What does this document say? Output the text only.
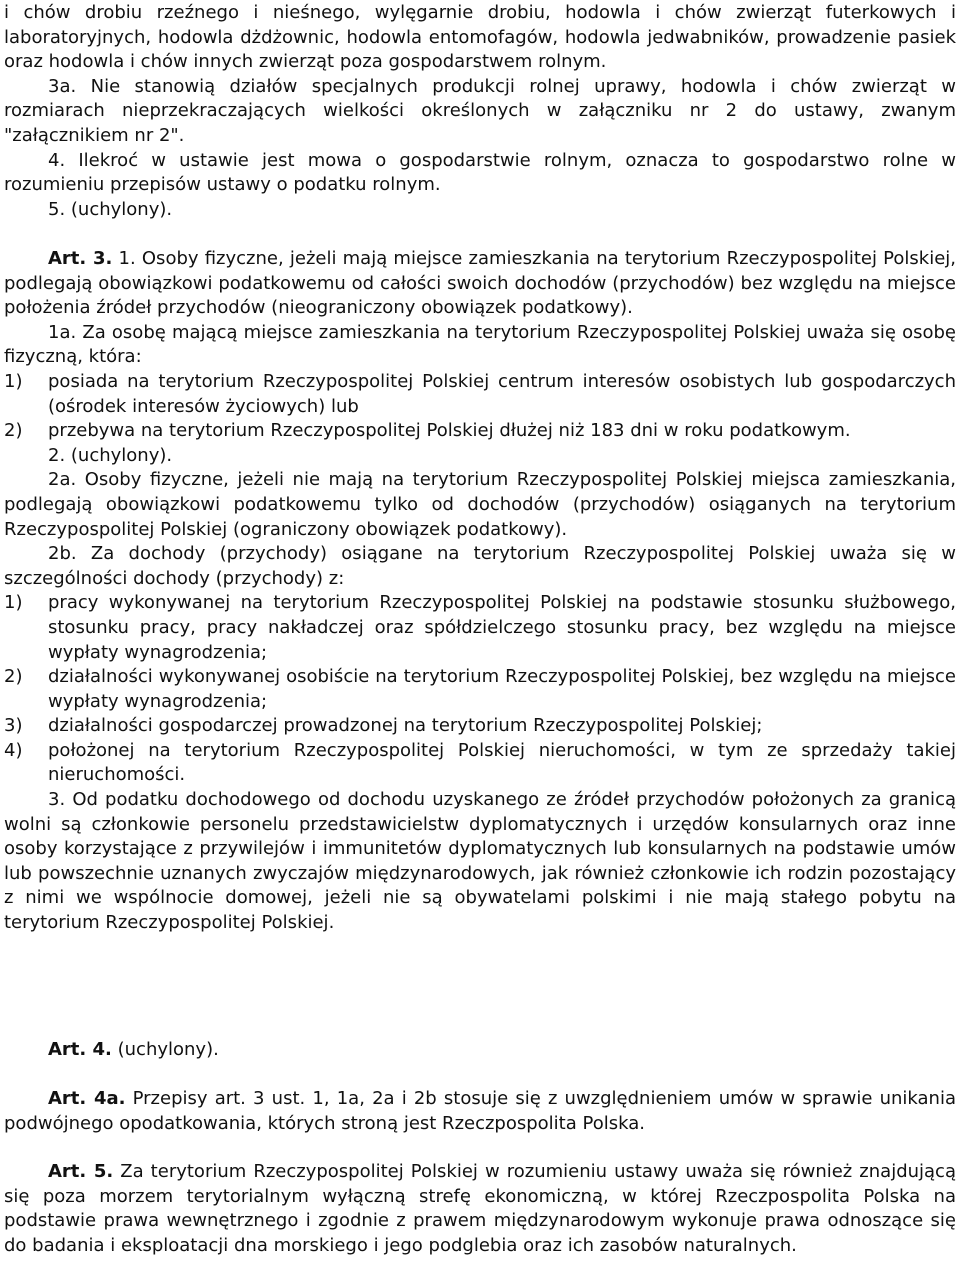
i chów drobiu rzeźnego i nieśnego, wylęgarnie drobiu, hodowla i chów zwierząt futerkowych i laboratoryjnych, hodowla dżdżownic, hodowla entomofagów, hodowla jedwabników, prowadzenie pasiek oraz hodowla i chów innych zwierząt poza gospodarstwem rolnym.

3a. Nie stanowią działów specjalnych produkcji rolnej uprawy, hodowla i chów zwierząt w rozmiarach nieprzekraczających wielkości określonych w załączniku nr 2 do ustawy, zwanym "załącznikiem nr 2".

4. Ilekroć w ustawie jest mowa o gospodarstwie rolnym, oznacza to gospodarstwo rolne w rozumieniu przepisów ustawy o podatku rolnym.

5. (uchylony).

Art. 3. 1. Osoby fizyczne, jeżeli mają miejsce zamieszkania na terytorium Rzeczypospolitej Polskiej, podlegają obowiązkowi podatkowemu od całości swoich dochodów (przychodów) bez względu na miejsce położenia źródeł przychodów (nieograniczony obowiązek podatkowy).

1a. Za osobę mającą miejsce zamieszkania na terytorium Rzeczypospolitej Polskiej uważa się osobę fizyczną, która:

1)	posiada na terytorium Rzeczypospolitej Polskiej centrum interesów osobistych lub gospodarczych (ośrodek interesów życiowych) lub
2)	przebywa na terytorium Rzeczypospolitej Polskiej dłużej niż 183 dni w roku podatkowym.

2. (uchylony).

2a. Osoby fizyczne, jeżeli nie mają na terytorium Rzeczypospolitej Polskiej miejsca zamieszkania, podlegają obowiązkowi podatkowemu tylko od dochodów (przychodów) osiąganych na terytorium Rzeczypospolitej Polskiej (ograniczony obowiązek podatkowy).

2b. Za dochody (przychody) osiągane na terytorium Rzeczypospolitej Polskiej uważa się w szczególności dochody (przychody) z:

1)	pracy wykonywanej na terytorium Rzeczypospolitej Polskiej na podstawie stosunku służbowego, stosunku pracy, pracy nakładczej oraz spółdzielczego stosunku pracy, bez względu na miejsce wypłaty wynagrodzenia;
2)	działalności wykonywanej osobiście na terytorium Rzeczypospolitej Polskiej, bez względu na miejsce wypłaty wynagrodzenia;
3)	działalności gospodarczej prowadzonej na terytorium Rzeczypospolitej Polskiej;
4)	położonej na terytorium Rzeczypospolitej Polskiej nieruchomości, w tym ze sprzedaży takiej nieruchomości.

3. Od podatku dochodowego od dochodu uzyskanego ze źródeł przychodów położonych za granicą wolni są członkowie personelu przedstawicielstw dyplomatycznych i urzędów konsularnych oraz inne osoby korzystające z przywilejów i immunitetów dyplomatycznych lub konsularnych na podstawie umów lub powszechnie uznanych zwyczajów międzynarodowych, jak również członkowie ich rodzin pozostający z nimi we wspólnocie domowej, jeżeli nie są obywatelami polskimi i nie mają stałego pobytu na terytorium Rzeczypospolitej Polskiej.

Art. 4. (uchylony).

Art. 4a. Przepisy art. 3 ust. 1, 1a, 2a i 2b stosuje się z uwzględnieniem umów w sprawie unikania podwójnego opodatkowania, których stroną jest Rzeczpospolita Polska.

Art. 5. Za terytorium Rzeczypospolitej Polskiej w rozumieniu ustawy uważa się również znajdującą się poza morzem terytorialnym wyłączną strefę ekonomiczną, w której Rzeczpospolita Polska na podstawie prawa wewnętrznego i zgodnie z prawem międzynarodowym wykonuje prawa odnoszące się do badania i eksploatacji dna morskiego i jego podglebia oraz ich zasobów naturalnych.
